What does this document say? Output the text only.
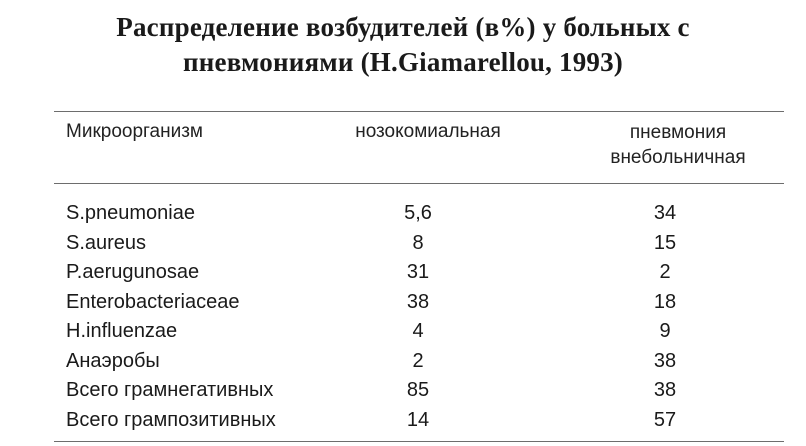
Распределение возбудителей (в%) у больных с
пневмониями (H.Giamarellou, 1993)
Микроорганизм	нозокомиальная	пневмония
внебольничная
S.pneumoniae	5,6	34
S.aureus	8	15
P.aerugunosae	31	2
Enterobacteriaceae	38	18
H.influenzae	4	9
Анаэробы	2	38
Всего грамнегативных	85	38
Всего грампозитивных	14	57
